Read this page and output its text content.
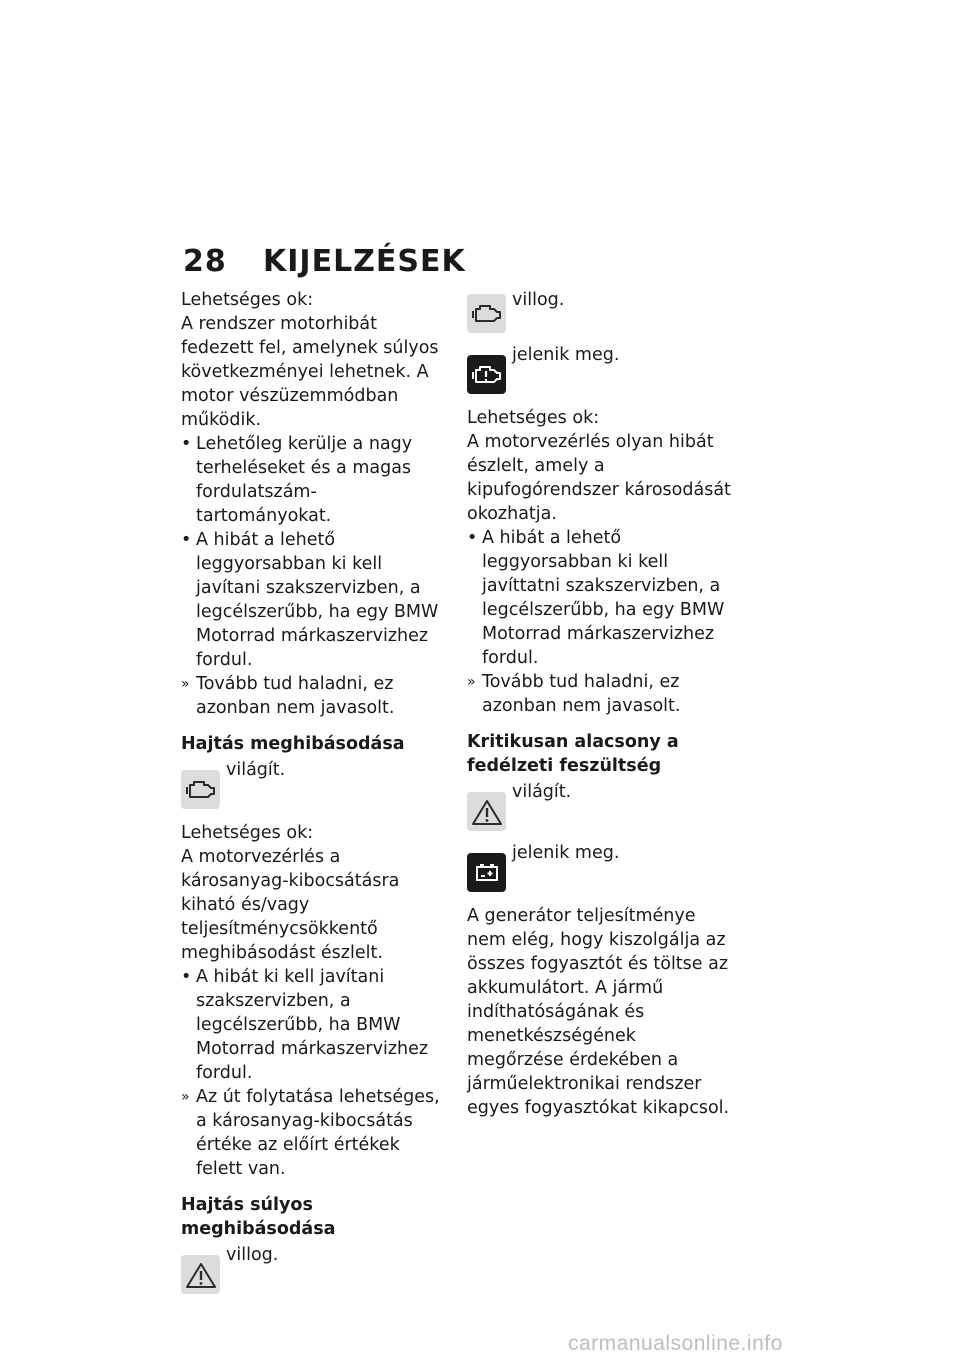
28	KIJELZÉSEK

Lehetséges ok:

A rendszer motorhibát fedezett fel, amelynek súlyos következményei lehetnek. A motor vészüzemmódban működik.

• Lehetőleg kerülje a nagy terheléseket és a magas fordulatszám-tartományokat.

• A hibát a lehető leggyorsabban ki kell javítani szakszervizben, a legcélszerűbb, ha egy BMW Motorrad márkaszervizhez fordul.

» Tovább tud haladni, ez azonban nem javasolt.

Hajtás meghibásodása

világít.

Lehetséges ok:

A motorvezérlés a károsanyag-kibocsátásra kiható és/vagy teljesítménycsökkentő meghibásodást észlelt.

• A hibát ki kell javítani szakszervizben, a legcélszerűbb, ha BMW Motorrad márkaszervizhez fordul.

» Az út folytatása lehetséges, a károsanyag-kibocsátás értéke az előírt értékek felett van.

Hajtás súlyos meghibásodása

villog.
villog.
jelenik meg.

Lehetséges ok:

A motorvezérlés olyan hibát észlelt, amely a kipufogórendszer károsodását okozhatja.

• A hibát a lehető leggyorsabban ki kell javíttatni szakszervizben, a legcélszerűbb, ha egy BMW Motorrad márkaszervizhez fordul.

» Tovább tud haladni, ez azonban nem javasolt.

Kritikusan alacsony a fedélzeti feszültség

világít.
jelenik meg.

A generátor teljesítménye nem elég, hogy kiszolgálja az összes fogyasztót és töltse az akkumulátort. A jármű indíthatóságának és menetkészségének megőrzése érdekében a járműelektronikai rendszer egyes fogyasztókat kikapcsol.

carmanualsonline.info
